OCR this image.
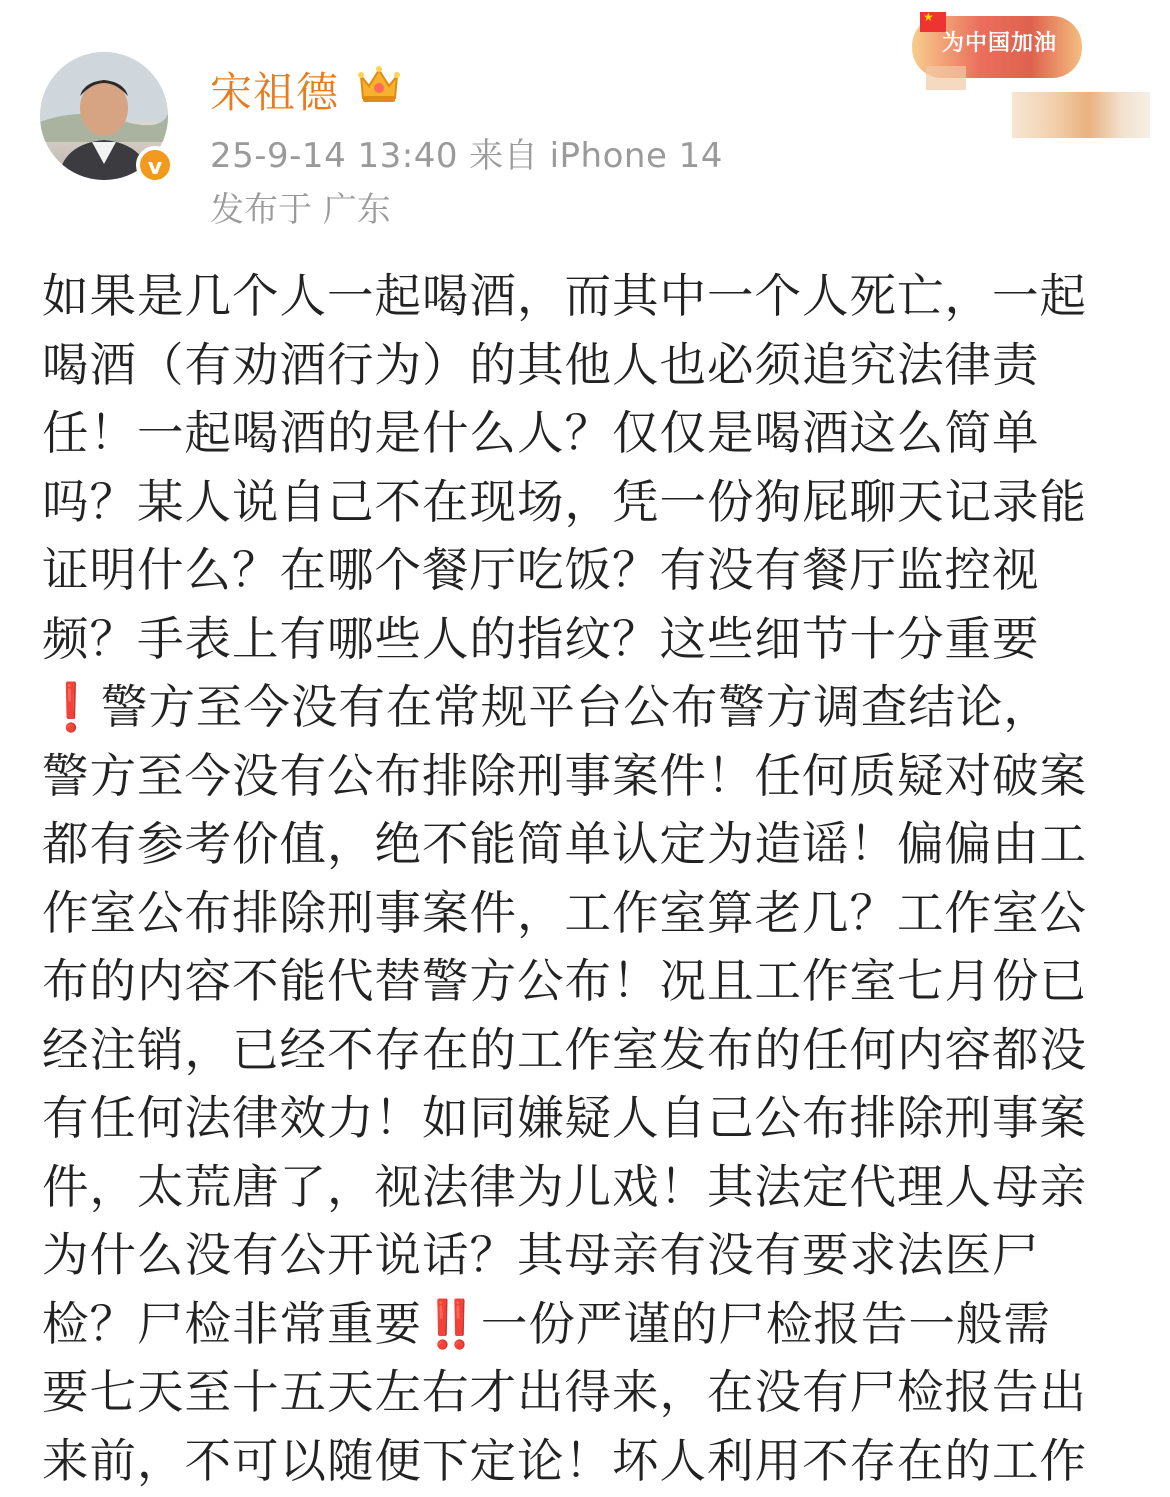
v
宋祖德
25-9-14 13:40 来自 iPhone 14
发布于 广东
★
为中国加油
如果是几个人一起喝酒，而其中一个人死亡，一起
喝酒（有劝酒行为）的其他人也必须追究法律责
任！一起喝酒的是什么人？仅仅是喝酒这么简单
吗？某人说自己不在现场，凭一份狗屁聊天记录能
证明什么？在哪个餐厅吃饭？有没有餐厅监控视
频？手表上有哪些人的指纹？这些细节十分重要
❗警方至今没有在常规平台公布警方调查结论，
警方至今没有公布排除刑事案件！任何质疑对破案
都有参考价值，绝不能简单认定为造谣！偏偏由工
作室公布排除刑事案件，工作室算老几？工作室公
布的内容不能代替警方公布！况且工作室七月份已
经注销，已经不存在的工作室发布的任何内容都没
有任何法律效力！如同嫌疑人自己公布排除刑事案
件，太荒唐了，视法律为儿戏！其法定代理人母亲
为什么没有公开说话？其母亲有没有要求法医尸
检？尸检非常重要‼️一份严谨的尸检报告一般需
要七天至十五天左右才出得来，在没有尸检报告出
来前，不可以随便下定论！坏人利用不存在的工作
